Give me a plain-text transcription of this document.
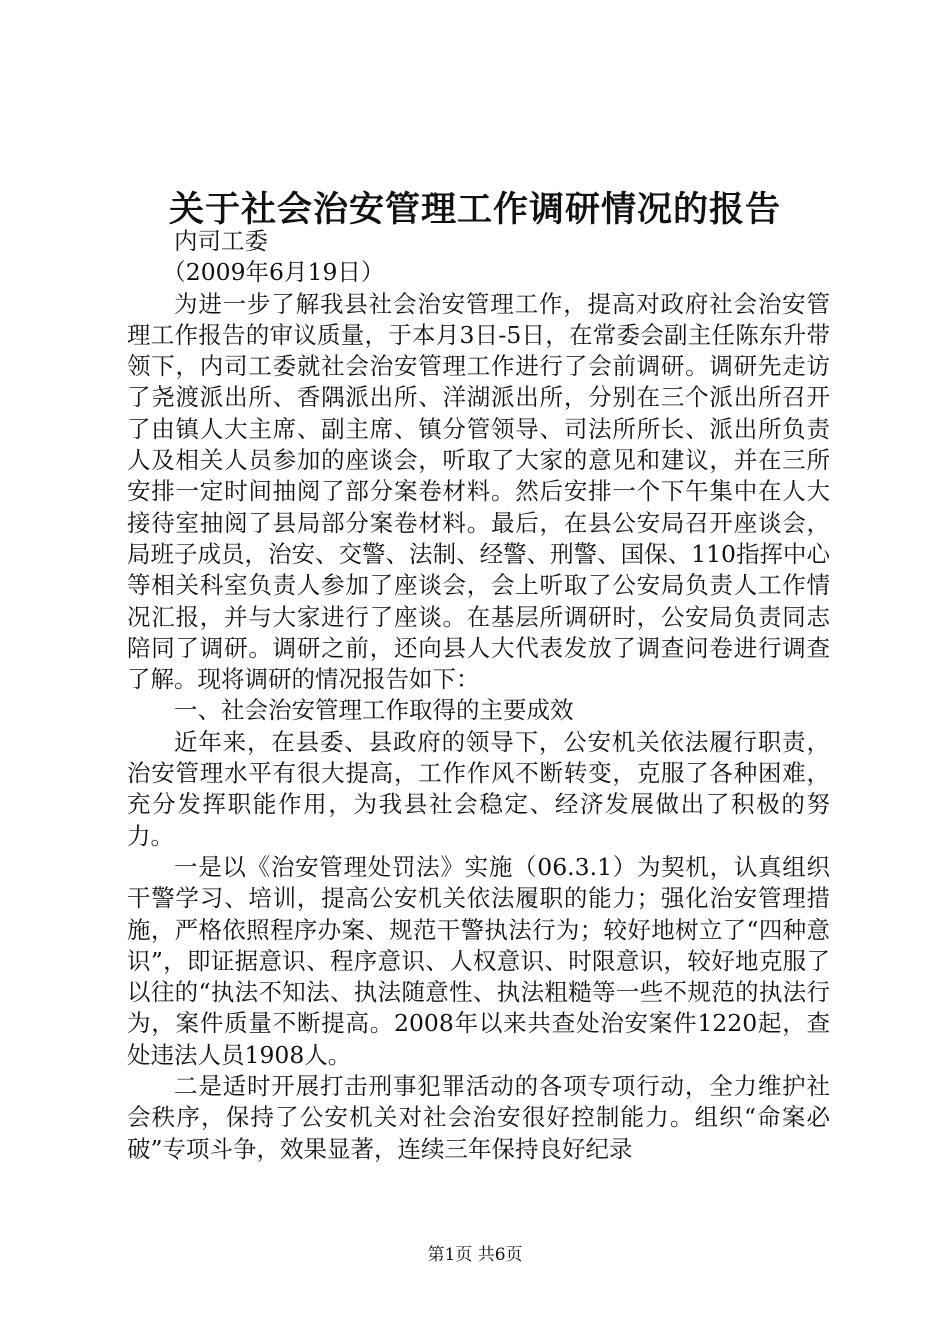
关于社会治安管理工作调研情况的报告

内司工委

（2009年6月19日）

为进一步了解我县社会治安管理工作，提高对政府社会治安管理工作报告的审议质量，于本月3日-5日，在常委会副主任陈东升带领下，内司工委就社会治安管理工作进行了会前调研。调研先走访了尧渡派出所、香隅派出所、洋湖派出所，分别在三个派出所召开了由镇人大主席、副主席、镇分管领导、司法所所长、派出所负责人及相关人员参加的座谈会，听取了大家的意见和建议，并在三所安排一定时间抽阅了部分案卷材料。然后安排一个下午集中在人大接待室抽阅了县局部分案卷材料。最后，在县公安局召开座谈会，局班子成员，治安、交警、法制、经警、刑警、国保、110指挥中心等相关科室负责人参加了座谈会，会上听取了公安局负责人工作情况汇报，并与大家进行了座谈。在基层所调研时，公安局负责同志陪同了调研。调研之前，还向县人大代表发放了调查问卷进行调查了解。现将调研的情况报告如下：

一、社会治安管理工作取得的主要成效

近年来，在县委、县政府的领导下，公安机关依法履行职责，治安管理水平有很大提高，工作作风不断转变，克服了各种困难，充分发挥职能作用，为我县社会稳定、经济发展做出了积极的努力。

一是以《治安管理处罚法》实施（06.3.1）为契机，认真组织干警学习、培训，提高公安机关依法履职的能力；强化治安管理措施，严格依照程序办案、规范干警执法行为；较好地树立了“四种意识”，即证据意识、程序意识、人权意识、时限意识，较好地克服了以往的“执法不知法、执法随意性、执法粗糙等一些不规范的执法行为，案件质量不断提高。2008年以来共查处治安案件1220起，查处违法人员1908人。

二是适时开展打击刑事犯罪活动的各项专项行动，全力维护社会秩序，保持了公安机关对社会治安很好控制能力。组织“命案必破”专项斗争，效果显著，连续三年保持良好纪录

第1页 共6页
